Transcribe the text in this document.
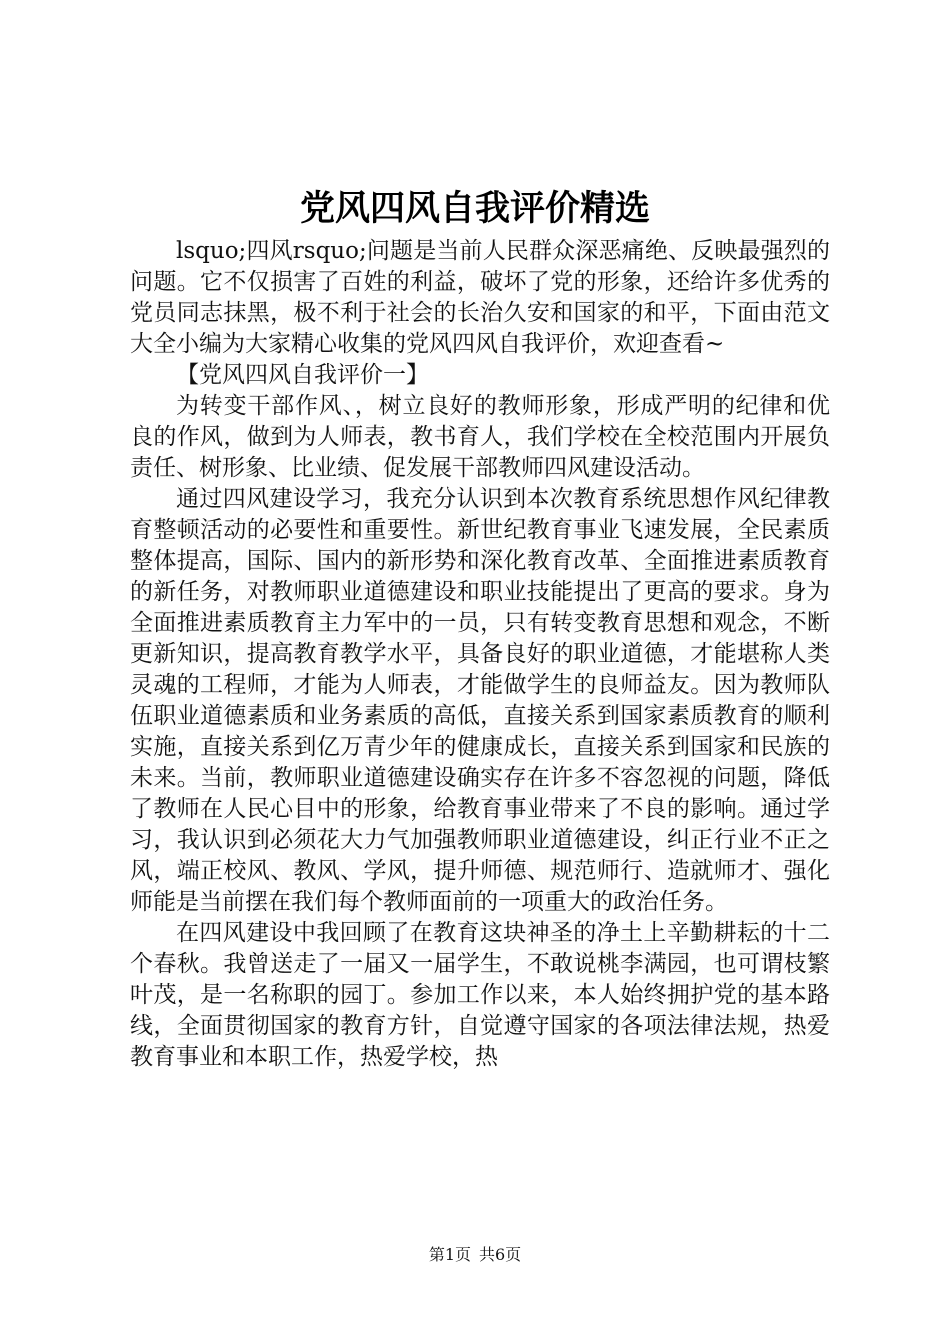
党风四风自我评价精选

lsquo;四风rsquo;问题是当前人民群众深恶痛绝、反映最强烈的问题。它不仅损害了百姓的利益，破坏了党的形象，还给许多优秀的党员同志抹黑，极不利于社会的长治久安和国家的和平，下面由范文大全小编为大家精心收集的党风四风自我评价，欢迎查看~

【党风四风自我评价一】

为转变干部作风、，树立良好的教师形象，形成严明的纪律和优良的作风，做到为人师表，教书育人，我们学校在全校范围内开展负责任、树形象、比业绩、促发展干部教师四风建设活动。

通过四风建设学习，我充分认识到本次教育系统思想作风纪律教育整顿活动的必要性和重要性。新世纪教育事业飞速发展，全民素质整体提高，国际、国内的新形势和深化教育改革、全面推进素质教育的新任务，对教师职业道德建设和职业技能提出了更高的要求。身为全面推进素质教育主力军中的一员，只有转变教育思想和观念，不断更新知识，提高教育教学水平，具备良好的职业道德，才能堪称人类灵魂的工程师，才能为人师表，才能做学生的良师益友。因为教师队伍职业道德素质和业务素质的高低，直接关系到国家素质教育的顺利实施，直接关系到亿万青少年的健康成长，直接关系到国家和民族的未来。当前，教师职业道德建设确实存在许多不容忽视的问题，降低了教师在人民心目中的形象，给教育事业带来了不良的影响。通过学习，我认识到必须花大力气加强教师职业道德建设，纠正行业不正之风，端正校风、教风、学风，提升师德、规范师行、造就师才、强化师能是当前摆在我们每个教师面前的一项重大的政治任务。

在四风建设中我回顾了在教育这块神圣的净土上辛勤耕耘的十二个春秋。我曾送走了一届又一届学生，不敢说桃李满园，也可谓枝繁叶茂，是一名称职的园丁。参加工作以来，本人始终拥护党的基本路线，全面贯彻国家的教育方针，自觉遵守国家的各项法律法规，热爱教育事业和本职工作，热爱学校，热

第1页 共6页
